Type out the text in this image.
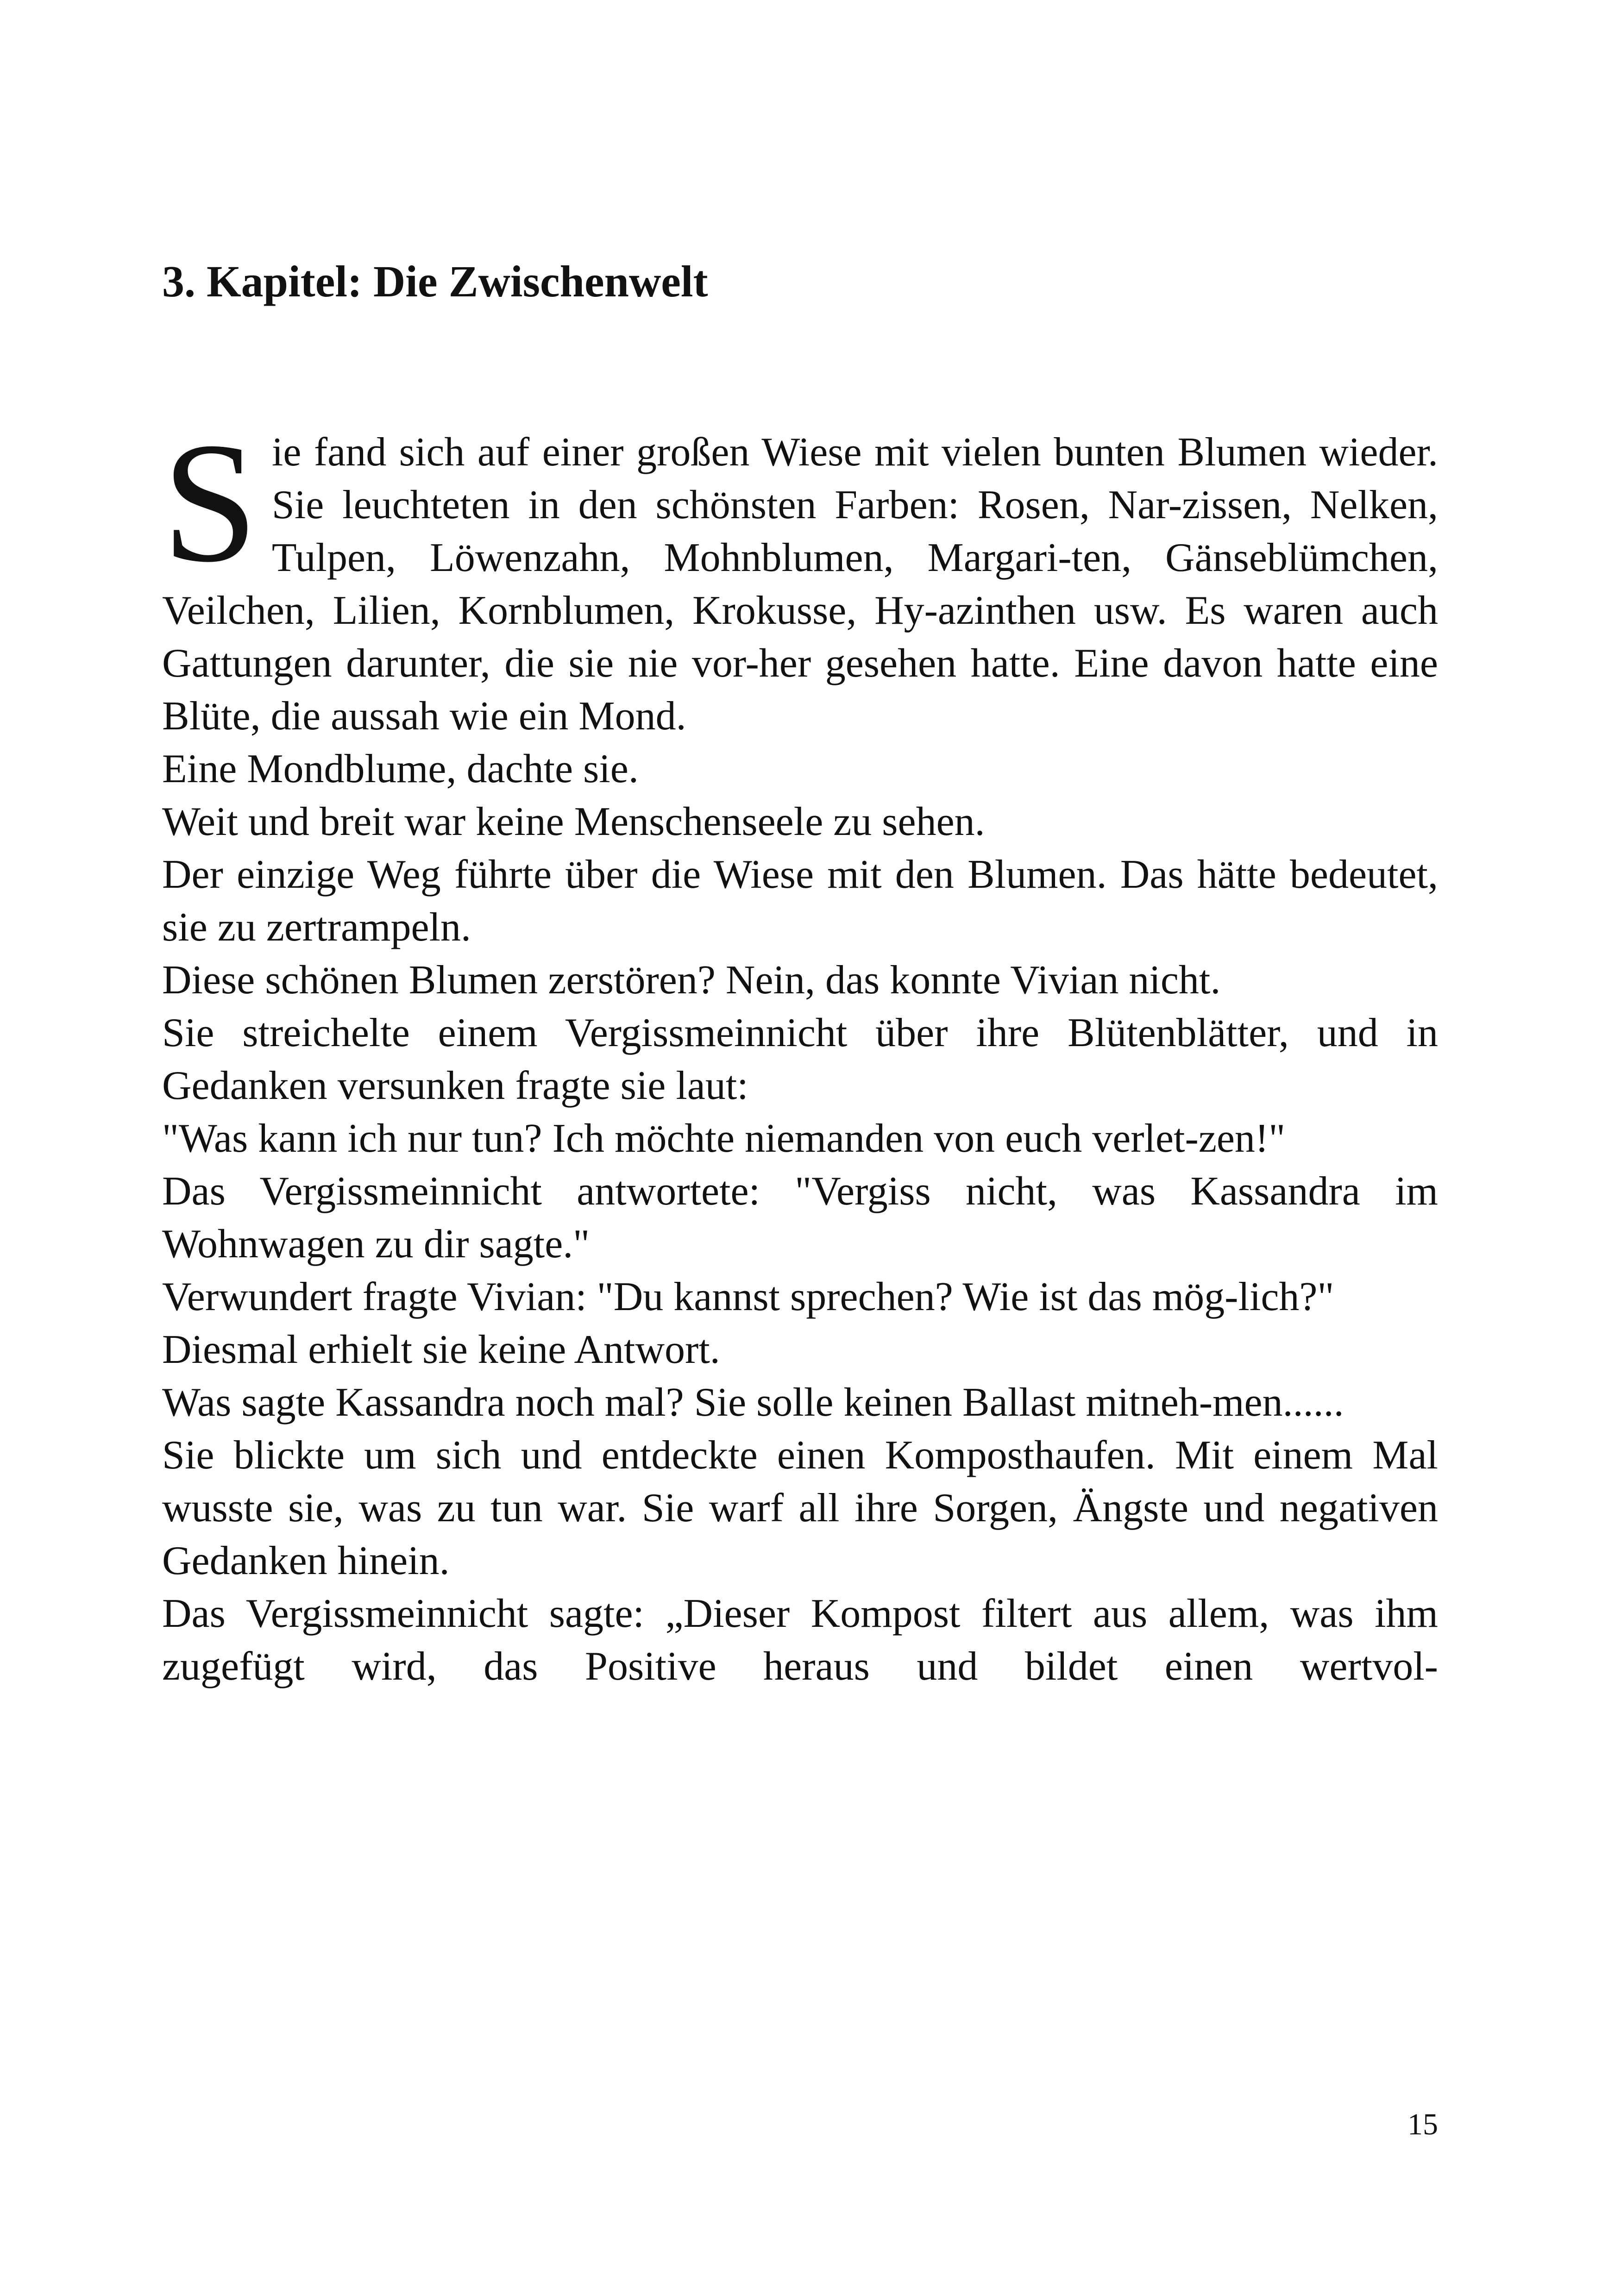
3. Kapitel: Die Zwischenwelt

Sie fand sich auf einer großen Wiese mit vielen bunten Blumen wieder. Sie leuchteten in den schönsten Farben: Rosen, Nar-zissen, Nelken, Tulpen, Löwenzahn, Mohnblumen, Margari-ten, Gänseblümchen, Veilchen, Lilien, Kornblumen, Krokusse, Hy-azinthen usw. Es waren auch Gattungen darunter, die sie nie vor-her gesehen hatte. Eine davon hatte eine Blüte, die aussah wie ein Mond.

Eine Mondblume, dachte sie.

Weit und breit war keine Menschenseele zu sehen.

Der einzige Weg führte über die Wiese mit den Blumen. Das hätte bedeutet, sie zu zertrampeln.

Diese schönen Blumen zerstören? Nein, das konnte Vivian nicht.

Sie streichelte einem Vergissmeinnicht über ihre Blütenblätter, und in Gedanken versunken fragte sie laut:

"Was kann ich nur tun? Ich möchte niemanden von euch verlet-zen!"

Das Vergissmeinnicht antwortete: "Vergiss nicht, was Kassandra im Wohnwagen zu dir sagte."

Verwundert fragte Vivian: "Du kannst sprechen? Wie ist das mög-lich?"

Diesmal erhielt sie keine Antwort.

Was sagte Kassandra noch mal? Sie solle keinen Ballast mitneh-men......

Sie blickte um sich und entdeckte einen Komposthaufen. Mit einem Mal wusste sie, was zu tun war. Sie warf all ihre Sorgen, Ängste und negativen Gedanken hinein.

Das Vergissmeinnicht sagte: „Dieser Kompost filtert aus allem, was ihm zugefügt wird, das Positive heraus und bildet einen wertvol-

15
